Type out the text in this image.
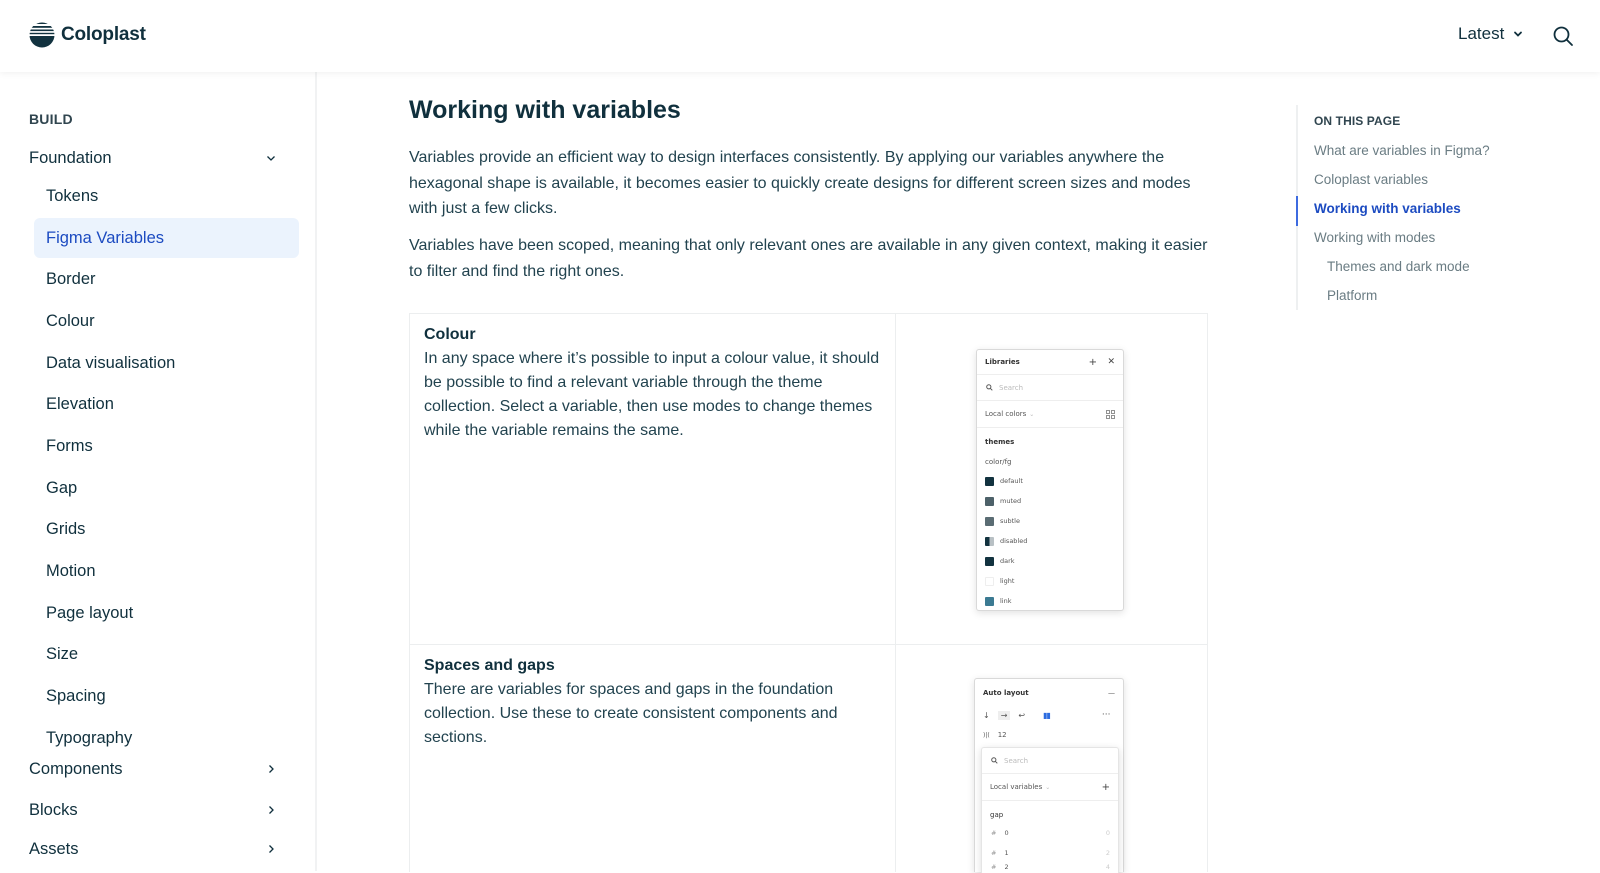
Coloplast	Latest
BUILD
Foundation
Tokens
Figma Variables
Border
Colour
Data visualisation
Elevation
Forms
Gap
Grids
Motion
Page layout
Size
Spacing
Typography
Components
Blocks
Assets
Working with variables

Variables provide an efficient way to design interfaces consistently. By applying our variables anywhere the hexagonal shape is available, it becomes easier to quickly create designs for different screen sizes and modes with just a few clicks.

Variables have been scoped, meaning that only relevant ones are available in any given context, making it easier to filter and find the right ones.

Colour
In any space where it’s possible to input a colour value, it should be possible to find a relevant variable through the theme collection. Select a variable, then use modes to change themes while the variable remains the same.
Libraries	+ ✕
Search
Local colors ⌄
themes
color/fg
default
muted
subtle
disabled
dark
light
link
Spaces and gaps
There are variables for spaces and gaps in the foundation collection. Use these to create consistent components and sections.
Auto layout	—
↓	→	↩ ▮▮	···
)|( 12
Search
Local variables ⌄	+
gap
# 0	0
# 1	2
# 2	4
ON THIS PAGE
What are variables in Figma?
Coloplast variables
Working with variables
Working with modes
Themes and dark mode
Platform
